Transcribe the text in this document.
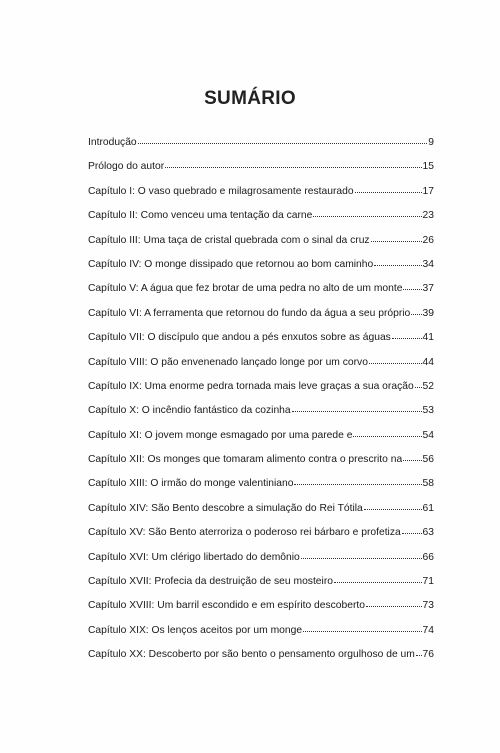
SUMÁRIO
Introdução	9
Prólogo do autor	15
Capítulo I: O vaso quebrado e milagrosamente restaurado	17
Capítulo II: Como venceu uma tentação da carne	23
Capítulo III: Uma taça de cristal quebrada com o sinal da cruz	26
Capítulo IV: O monge dissipado que retornou ao bom caminho	34
Capítulo V: A água que fez brotar de uma pedra no alto de um monte 37
Capítulo VI: A ferramenta que retornou do fundo da água a seu próprio 39
Capítulo VII: O discípulo que andou a pés enxutos sobre as águas	41
Capítulo VIII: O pão envenenado lançado longe por um corvo	44
Capítulo IX: Uma enorme pedra tornada mais leve graças a sua oração 52
Capítulo X: O incêndio fantástico da cozinha	53
Capítulo XI: O jovem monge esmagado por uma parede e	54
Capítulo XII: Os monges que tomaram alimento contra o prescrito na 56
Capítulo XIII: O irmão do monge valentiniano	58
Capítulo XIV: São Bento descobre a simulação do Rei Tótila	61
Capítulo XV: São Bento aterroriza o poderoso rei bárbaro e profetiza 63
Capítulo XVI: Um clérigo libertado do demônio	66
Capítulo XVII: Profecia da destruição de seu mosteiro	71
Capítulo XVIII: Um barril escondido e em espírito descoberto	73
Capítulo XIX: Os lenços aceitos por um monge	74
Capítulo XX: Descoberto por são bento o pensamento orgulhoso de um 76
